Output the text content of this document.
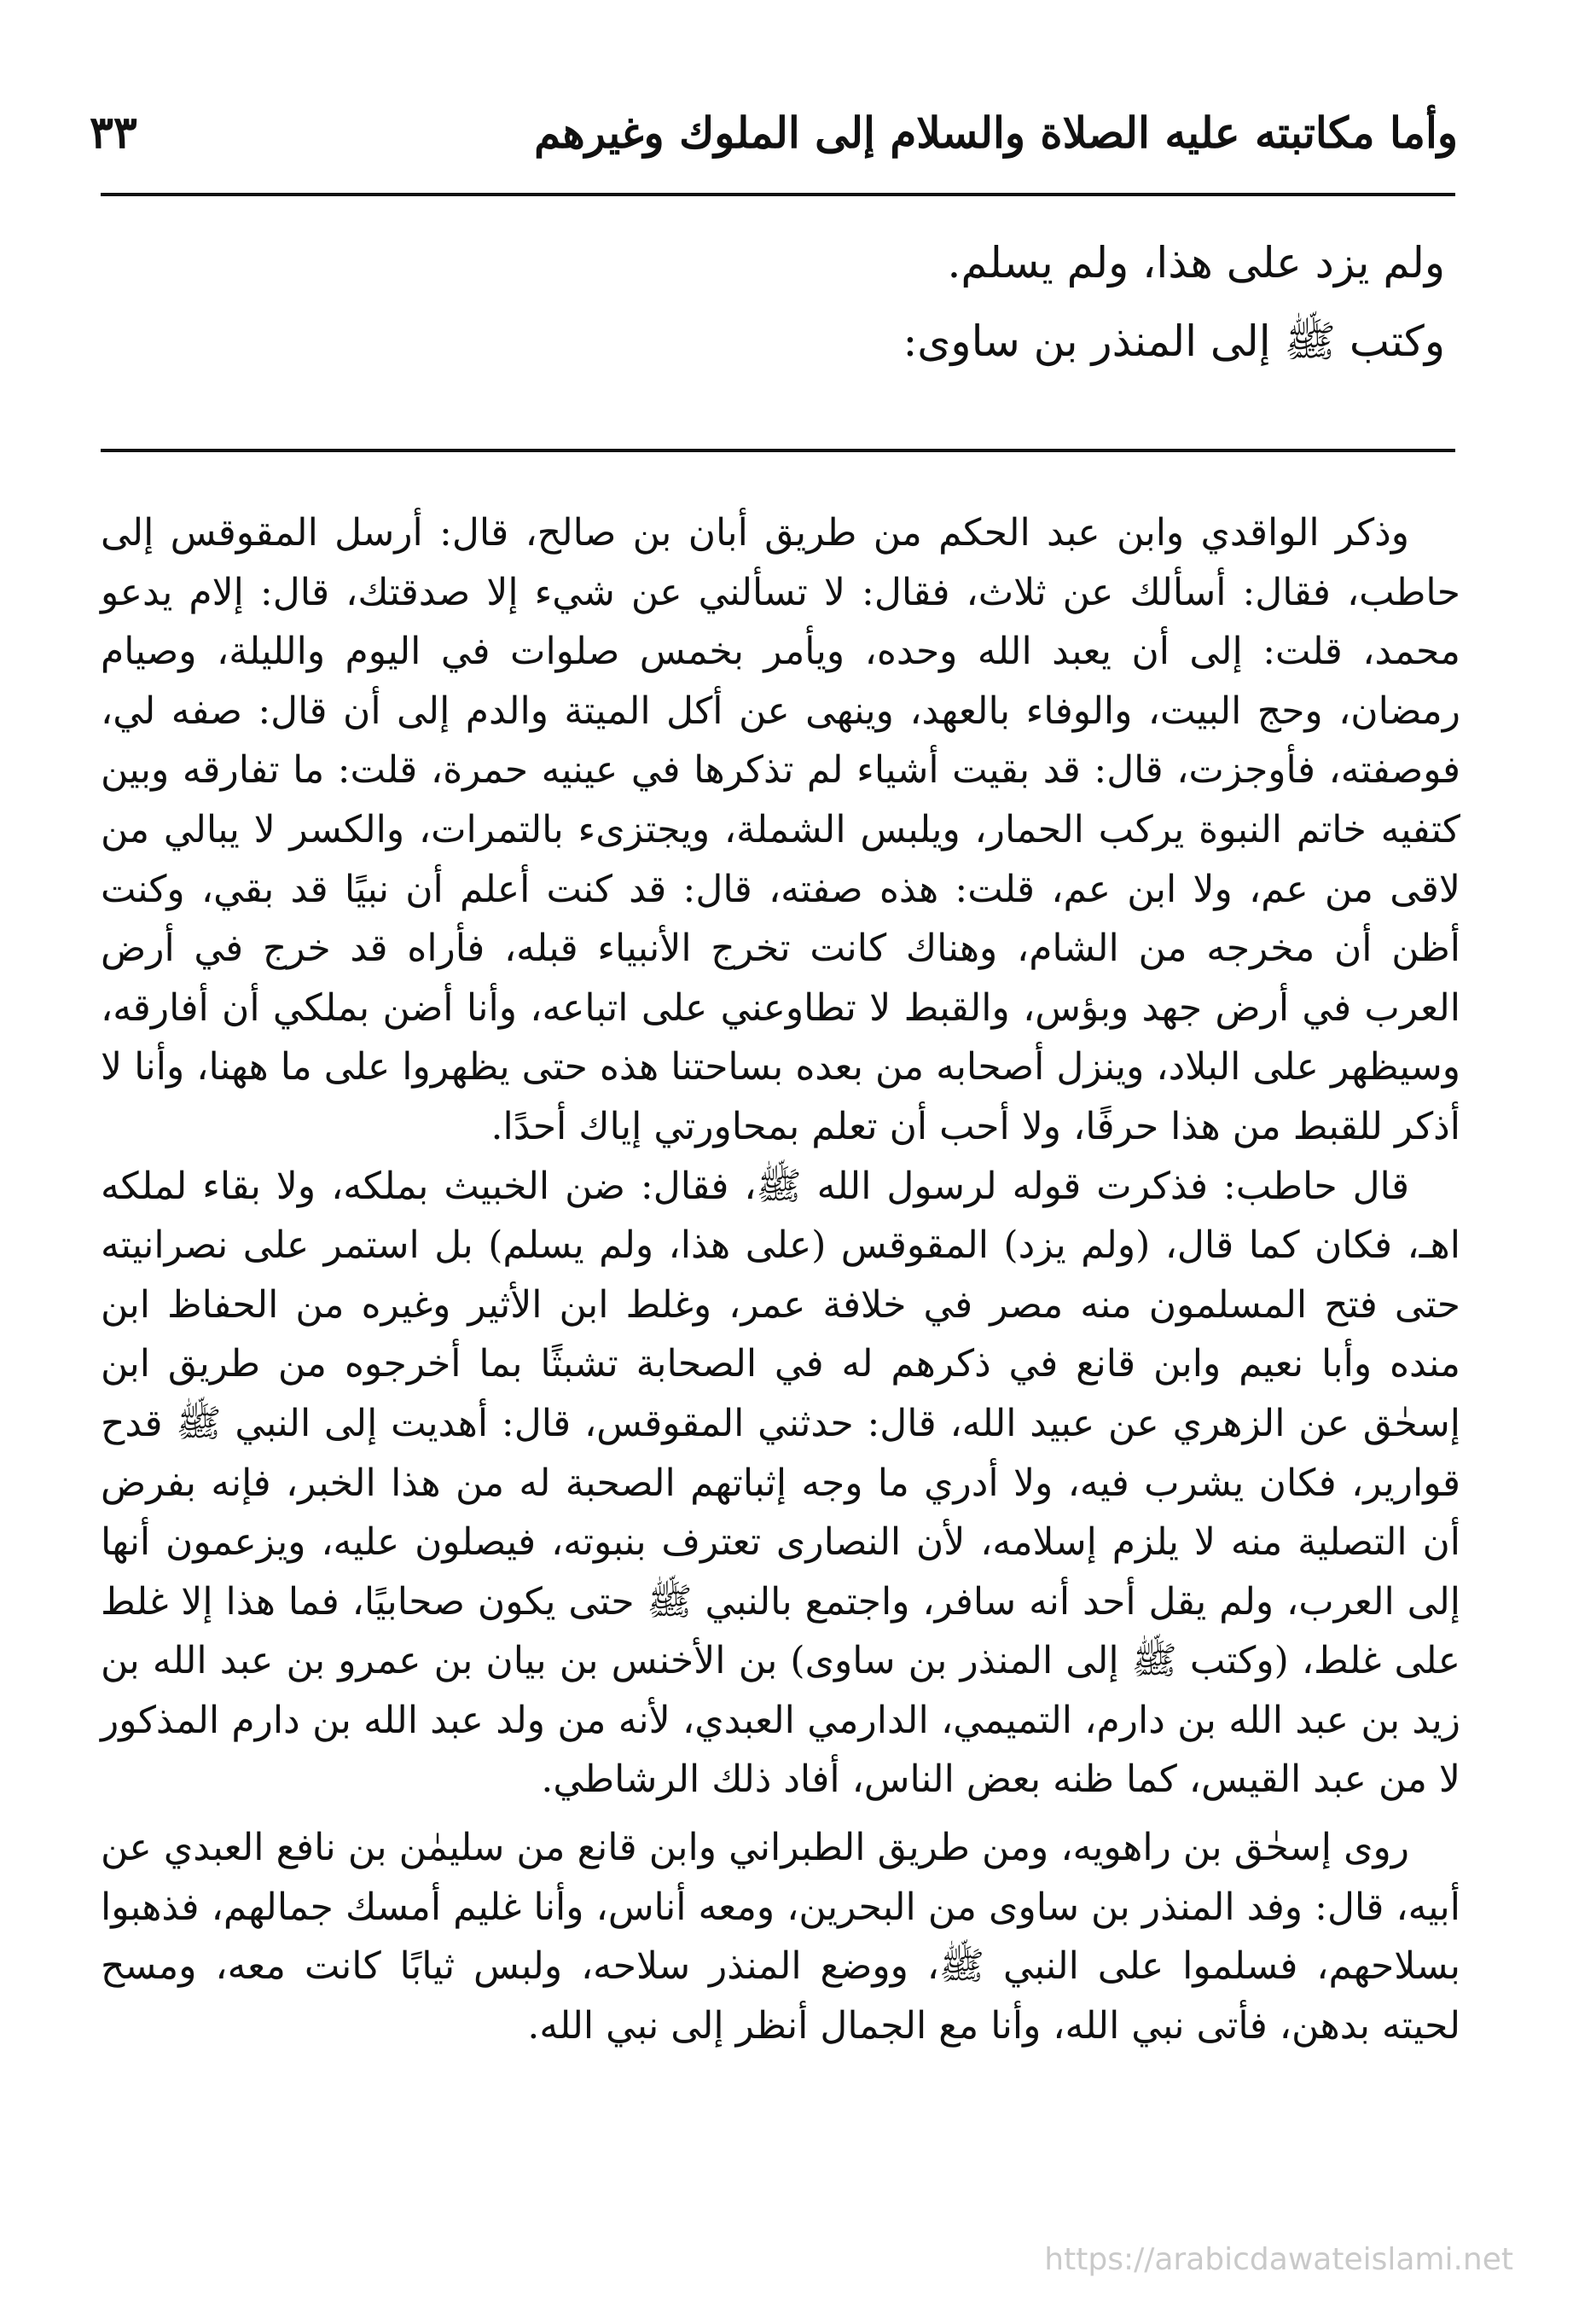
وأما مكاتبته عليه الصلاة والسلام إلى الملوك وغيرهم
٣٣

ولم يزد على هذا، ولم يسلم.

وكتب ﷺ إلى المنذر بن ساوى:

وذكر الواقدي وابن عبد الحكم من طريق أبان بن صالح، قال: أرسل المقوقس إلى حاطب، فقال: أسألك عن ثلاث، فقال: لا تسألني عن شيء إلا صدقتك، قال: إلام يدعو محمد، قلت: إلى أن يعبد الله وحده، ويأمر بخمس صلوات في اليوم والليلة، وصيام رمضان، وحج البيت، والوفاء بالعهد، وينهى عن أكل الميتة والدم إلى أن قال: صفه لي، فوصفته، فأوجزت، قال: قد بقيت أشياء لم تذكرها في عينيه حمرة، قلت: ما تفارقه وبين كتفيه خاتم النبوة يركب الحمار، ويلبس الشملة، ويجتزىء بالتمرات، والكسر لا يبالي من لاقى من عم، ولا ابن عم، قلت: هذه صفته، قال: قد كنت أعلم أن نبيًا قد بقي، وكنت أظن أن مخرجه من الشام، وهناك كانت تخرج الأنبياء قبله، فأراه قد خرج في أرض العرب في أرض جهد وبؤس، والقبط لا تطاوعني على اتباعه، وأنا أضن بملكي أن أفارقه، وسيظهر على البلاد، وينزل أصحابه من بعده بساحتنا هذه حتى يظهروا على ما ههنا، وأنا لا أذكر للقبط من هذا حرفًا، ولا أحب أن تعلم بمحاورتي إياك أحدًا.

قال حاطب: فذكرت قوله لرسول الله ﷺ، فقال: ضن الخبيث بملكه، ولا بقاء لملكه اهـ، فكان كما قال، (ولم يزد) المقوقس (على هذا، ولم يسلم) بل استمر على نصرانيته حتى فتح المسلمون منه مصر في خلافة عمر، وغلط ابن الأثير وغيره من الحفاظ ابن منده وأبا نعيم وابن قانع في ذكرهم له في الصحابة تشبثًا بما أخرجوه من طريق ابن إسحٰق عن الزهري عن عبيد الله، قال: حدثني المقوقس، قال: أهديت إلى النبي ﷺ قدح قوارير، فكان يشرب فيه، ولا أدري ما وجه إثباتهم الصحبة له من هذا الخبر، فإنه بفرض أن التصلية منه لا يلزم إسلامه، لأن النصارى تعترف بنبوته، فيصلون عليه، ويزعمون أنها إلى العرب، ولم يقل أحد أنه سافر، واجتمع بالنبي ﷺ حتى يكون صحابيًا، فما هذا إلا غلط على غلط، (وكتب ﷺ إلى المنذر بن ساوى) بن الأخنس بن بيان بن عمرو بن عبد الله بن زيد بن عبد الله بن دارم، التميمي، الدارمي العبدي، لأنه من ولد عبد الله بن دارم المذكور لا من عبد القيس، كما ظنه بعض الناس، أفاد ذلك الرشاطي.

روى إسحٰق بن راهويه، ومن طريق الطبراني وابن قانع من سليمٰن بن نافع العبدي عن أبيه، قال: وفد المنذر بن ساوى من البحرين، ومعه أناس، وأنا غليم أمسك جمالهم، فذهبوا بسلاحهم، فسلموا على النبي ﷺ، ووضع المنذر سلاحه، ولبس ثيابًا كانت معه، ومسح لحيته بدهن، فأتى نبي الله، وأنا مع الجمال أنظر إلى نبي الله.

https://arabicdawateislami.net
